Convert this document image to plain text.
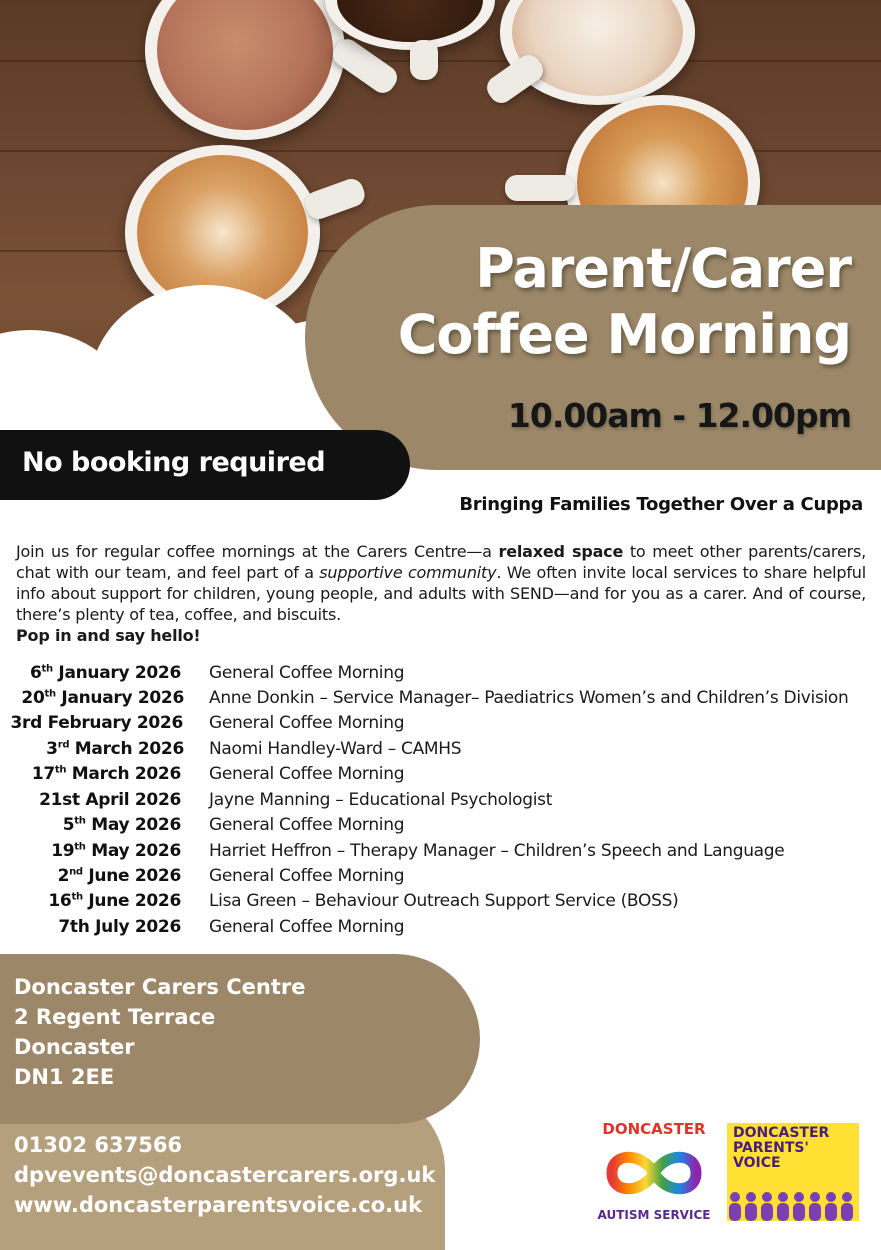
Parent/Carer Coffee Morning
10.00am - 12.00pm
No booking required
Bringing Families Together Over a Cuppa
Join us for regular coffee mornings at the Carers Centre—a relaxed space to meet other parents/carers, chat with our team, and feel part of a supportive community. We often invite local services to share helpful info about support for children, young people, and adults with SEND—and for you as a carer. And of course, there’s plenty of tea, coffee, and biscuits.
Pop in and say hello!
6th January 2026 General Coffee Morning
20th January 2026 Anne Donkin – Service Manager– Paediatrics Women’s and Children’s Division
3rd February 2026 General Coffee Morning
3rd March 2026 Naomi Handley-Ward – CAMHS
17th March 2026 General Coffee Morning
21st April 2026 Jayne Manning – Educational Psychologist
5th May 2026 General Coffee Morning
19th May 2026 Harriet Heffron – Therapy Manager – Children’s Speech and Language
2nd June 2026 General Coffee Morning
16th June 2026 Lisa Green – Behaviour Outreach Support Service (BOSS)
7th July 2026 General Coffee Morning
Doncaster Carers Centre
2 Regent Terrace
Doncaster
DN1 2EE
01302 637566
dpvevents@doncastercarers.org.uk
www.doncasterparentsvoice.co.uk
DONCASTER
AUTISM SERVICE
DONCASTER
PARENTS'
VOICE
